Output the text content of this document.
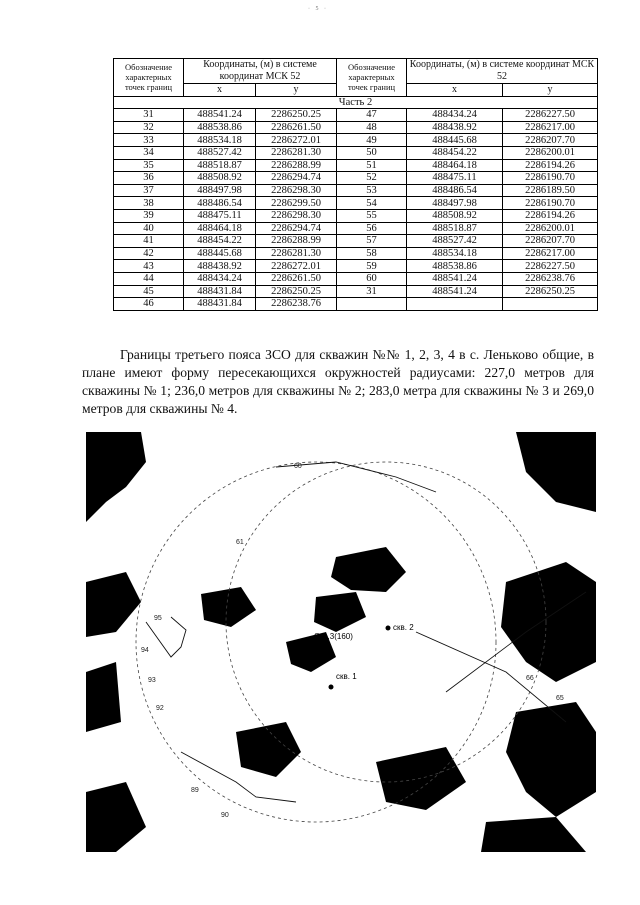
· 5 ·
Обозначение характерных точек границ	Координаты, (м) в системе координат МСК 52		Обозначение характерных точек границ	Координаты, (м) в системе координат МСК 52	
	x	y		x	y
Часть 2					
31	488541.24	2286250.25	47	488434.24	2286227.50
32	488538.86	2286261.50	48	488438.92	2286217.00
33	488534.18	2286272.01	49	488445.68	2286207.70
34	488527.42	2286281.30	50	488454.22	2286200.01
35	488518.87	2286288.99	51	488464.18	2286194.26
36	488508.92	2286294.74	52	488475.11	2286190.70
37	488497.98	2286298.30	53	488486.54	2286189.50
38	488486.54	2286299.50	54	488497.98	2286190.70
39	488475.11	2286298.30	55	488508.92	2286194.26
40	488464.18	2286294.74	56	488518.87	2286200.01
41	488454.22	2286288.99	57	488527.42	2286207.70
42	488445.68	2286281.30	58	488534.18	2286217.00
43	488438.92	2286272.01	59	488538.86	2286227.50
44	488434.24	2286261.50	60	488541.24	2286238.76
45	488431.84	2286250.25	31	488541.24	2286250.25
46	488431.84	2286238.76			
Границы третьего пояса ЗСО для скважин №№ 1, 2, 3, 4 в с. Леньково общие, в плане имеют форму пересекающихся окружностей радиусами: 227,0 метров для скважины № 1; 236,0 метров для скважины № 2; 283,0 метра для скважины № 3 и 269,0 метров для скважины № 4.
скв. 2
Скв.3(160)
скв. 1
60
61
95
94
93
92
89
90
66
65
